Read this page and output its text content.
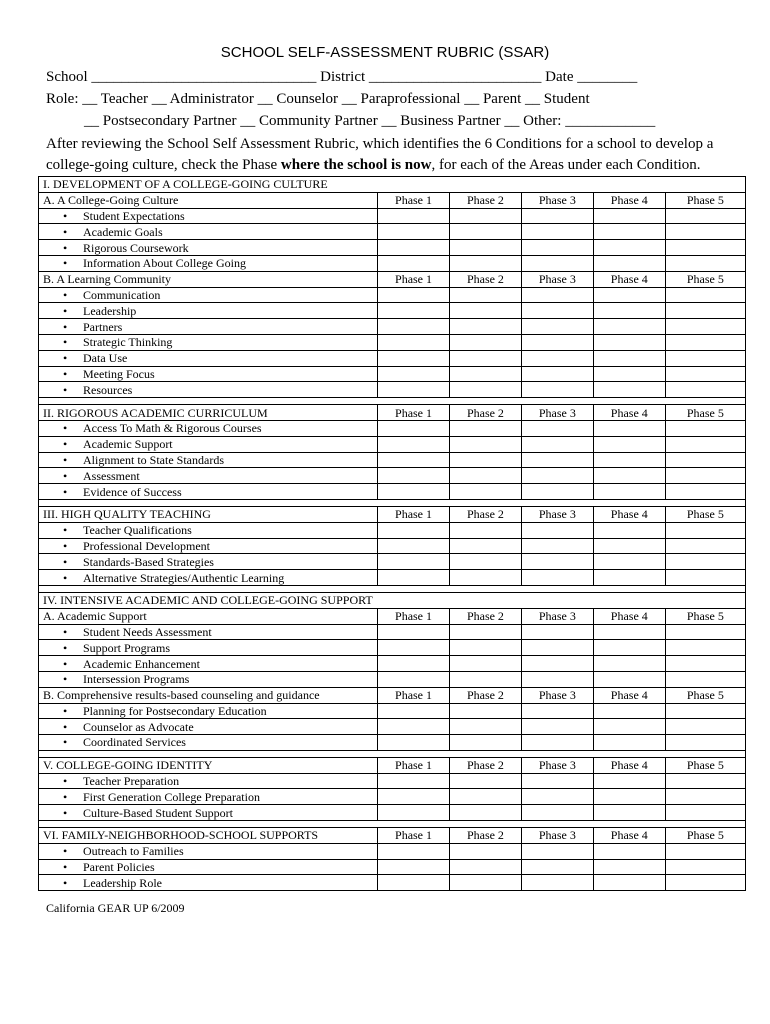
SCHOOL SELF-ASSESSMENT RUBRIC (SSAR)
School ______________________________ District _______________________ Date ________
Role: __ Teacher __ Administrator __ Counselor __ Paraprofessional __ Parent __ Student
__ Postsecondary Partner __ Community Partner __ Business Partner __ Other: ____________
After reviewing the School Self Assessment Rubric, which identifies the 6 Conditions for a school to develop a college-going culture, check the Phase where the school is now, for each of the Areas under each Condition.
I. DEVELOPMENT OF A COLLEGE-GOING CULTURE					
A. A College-Going Culture	Phase 1	Phase 2	Phase 3	Phase 4	Phase 5
• Student Expectations					
• Academic Goals					
• Rigorous Coursework					
• Information About College Going					
B. A Learning Community	Phase 1	Phase 2	Phase 3	Phase 4	Phase 5
• Communication					
• Leadership					
• Partners					
• Strategic Thinking					
• Data Use					
• Meeting Focus					
• Resources					

II. RIGOROUS ACADEMIC CURRICULUM	Phase 1	Phase 2	Phase 3	Phase 4	Phase 5
• Access To Math & Rigorous Courses					
• Academic Support					
• Alignment to State Standards					
• Assessment					
• Evidence of Success					

III. HIGH QUALITY TEACHING	Phase 1	Phase 2	Phase 3	Phase 4	Phase 5
• Teacher Qualifications					
• Professional Development					
• Standards-Based Strategies					
• Alternative Strategies/Authentic Learning					

IV. INTENSIVE ACADEMIC AND COLLEGE-GOING SUPPORT					
A. Academic Support	Phase 1	Phase 2	Phase 3	Phase 4	Phase 5
• Student Needs Assessment					
• Support Programs					
• Academic Enhancement					
• Intersession Programs					
B. Comprehensive results-based counseling and guidance	Phase 1	Phase 2	Phase 3	Phase 4	Phase 5
• Planning for Postsecondary Education					
• Counselor as Advocate					
• Coordinated Services					

V. COLLEGE-GOING IDENTITY	Phase 1	Phase 2	Phase 3	Phase 4	Phase 5
• Teacher Preparation					
• First Generation College Preparation					
• Culture-Based Student Support					

VI. FAMILY-NEIGHBORHOOD-SCHOOL SUPPORTS	Phase 1	Phase 2	Phase 3	Phase 4	Phase 5
• Outreach to Families					
• Parent Policies					
• Leadership Role					
California GEAR UP 6/2009
